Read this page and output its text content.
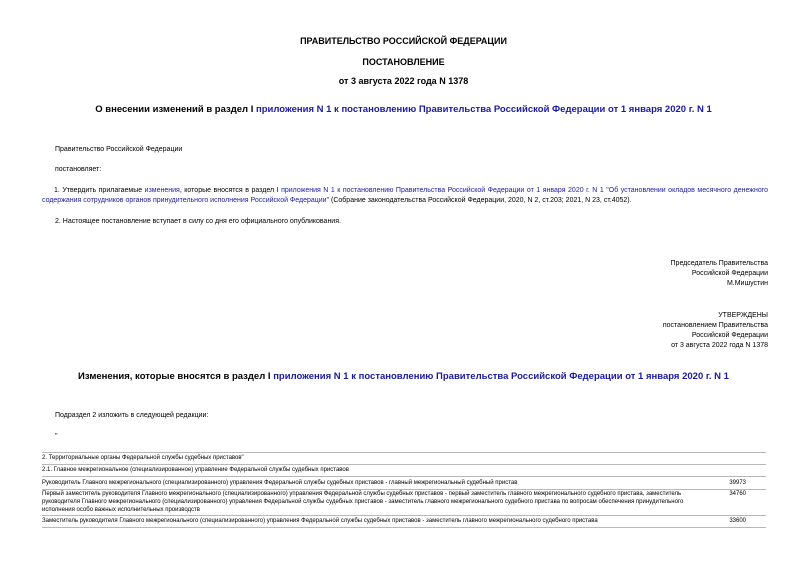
ПРАВИТЕЛЬСТВО РОССИЙСКОЙ ФЕДЕРАЦИИ
ПОСТАНОВЛЕНИЕ
от 3 августа 2022 года N 1378
О внесении изменений в раздел I приложения N 1 к постановлению Правительства Российской Федерации от 1 января 2020 г. N 1
Правительство Российской Федерации
постановляет:
1. Утвердить прилагаемые изменения, которые вносятся в раздел I приложения N 1 к постановлению Правительства Российской Федерации от 1 января 2020 г. N 1 "Об установлении окладов месячного денежного содержания сотрудников органов принудительного исполнения Российской Федерации" (Собрание законодательства Российской Федерации, 2020, N 2, ст.203; 2021, N 23, ст.4052).
2. Настоящее постановление вступает в силу со дня его официального опубликования.
Председатель Правительства
Российской Федерации
М.Мишустин
УТВЕРЖДЕНЫ
постановлением Правительства
Российской Федерации
от 3 августа 2022 года N 1378
Изменения, которые вносятся в раздел I приложения N 1 к постановлению Правительства Российской Федерации от 1 января 2020 г. N 1
Подраздел 2 изложить в следующей редакции:
"
2. Территориальные органы Федеральной службы судебных приставов"
2.1. Главное межрегиональное (специализированное) управление Федеральной службы судебных приставов
Руководитель Главного межрегионального (специализированного) управления Федеральной службы судебных приставов - главный межрегиональный судебный пристав	39973
Первый заместитель руководителя Главного межрегионального (специализированного) управления Федеральной службы судебных приставов - первый заместитель главного межрегионального судебного пристава, заместитель руководителя Главного межрегионального (специализированного) управления Федеральной службы судебных приставов - заместитель главного межрегионального судебного пристава по вопросам обеспечения принудительного исполнения особо важных исполнительных производств
34760
Заместитель руководителя Главного межрегионального (специализированного) управления Федеральной службы судебных приставов - заместитель главного межрегионального судебного пристава	33600
